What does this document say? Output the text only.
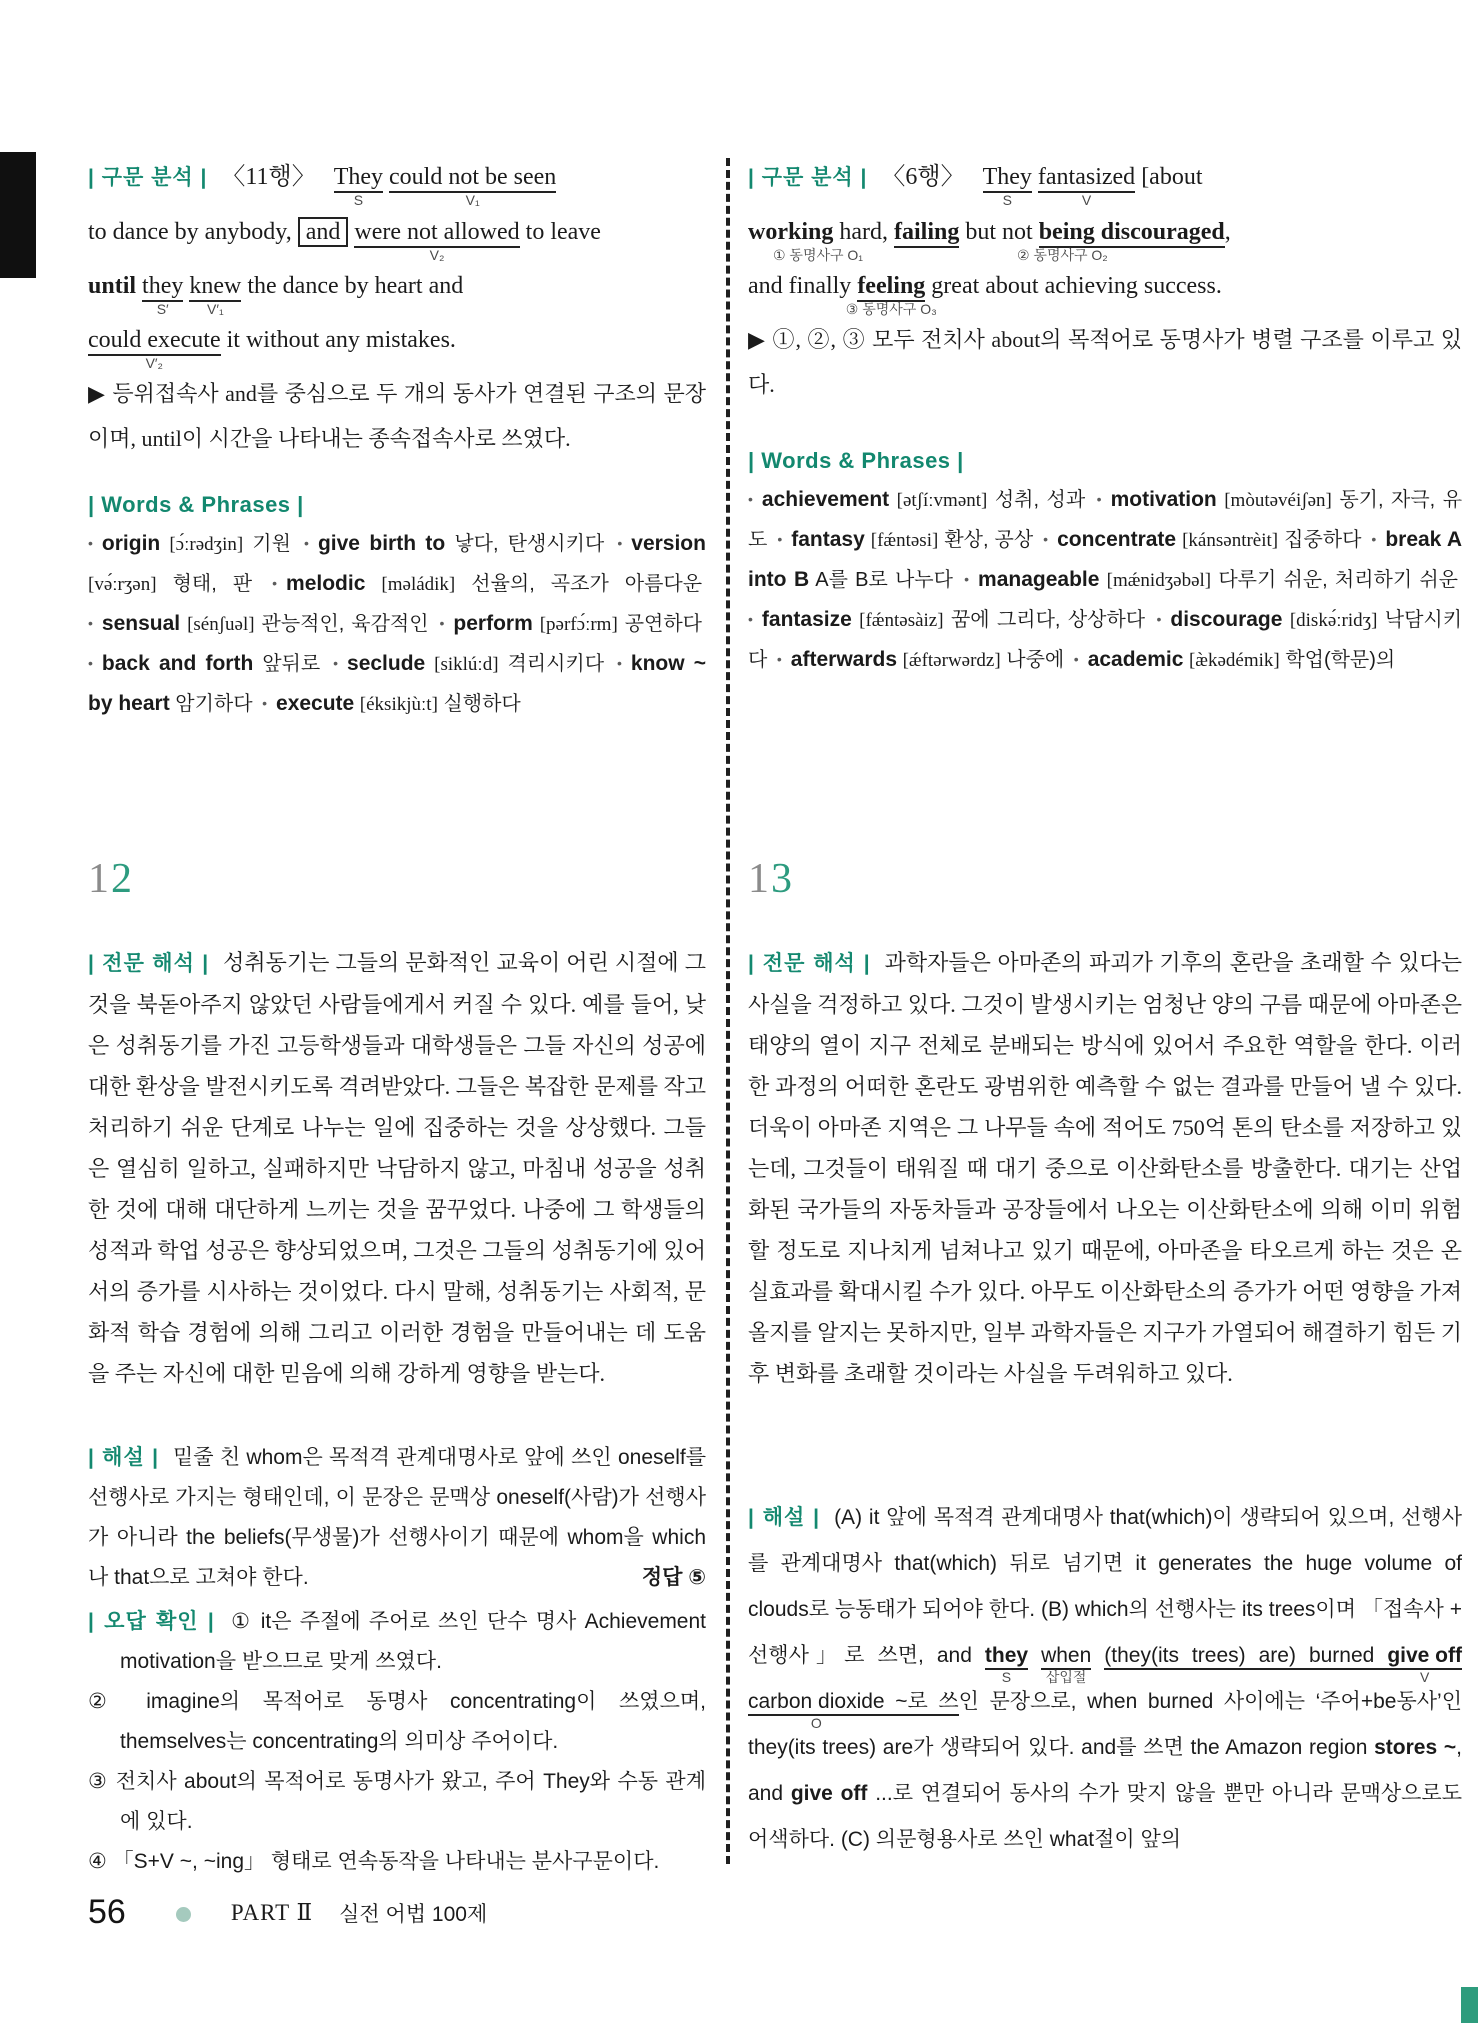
| 구문 분석 | 〈11행〉 They
S
could not be seen
V₁

to dance by anybody, and were not allowed
V₂
to leave
until they
S′
knew
V′₁
the dance by heart and
could execute
V′₂
it without any mistakes.

▶ 등위접속사 and를 중심으로 두 개의 동사가 연결된 구조의 문장이며, until이 시간을 나타내는 종속접속사로 쓰였다.

| Words & Phrases |

• origin [ɔ́ːrədʒin] 기원 • give birth to 낳다, 탄생시키다 • version [və́ːrʒən] 형태, 판 • melodic [məládik] 선율의, 곡조가 아름다운 • sensual [sénʃuəl] 관능적인, 육감적인 • perform [pərfɔ́ːrm] 공연하다 • back and forth 앞뒤로 • seclude [siklúːd] 격리시키다 • know ~ by heart 암기하다 • execute [éksikjùːt] 실행하다

12

| 전문 해석 | 성취동기는 그들의 문화적인 교육이 어린 시절에 그것을 북돋아주지 않았던 사람들에게서 커질 수 있다. 예를 들어, 낮은 성취동기를 가진 고등학생들과 대학생들은 그들 자신의 성공에 대한 환상을 발전시키도록 격려받았다. 그들은 복잡한 문제를 작고 처리하기 쉬운 단계로 나누는 일에 집중하는 것을 상상했다. 그들은 열심히 일하고, 실패하지만 낙담하지 않고, 마침내 성공을 성취한 것에 대해 대단하게 느끼는 것을 꿈꾸었다. 나중에 그 학생들의 성적과 학업 성공은 향상되었으며, 그것은 그들의 성취동기에 있어서의 증가를 시사하는 것이었다. 다시 말해, 성취동기는 사회적, 문화적 학습 경험에 의해 그리고 이러한 경험을 만들어내는 데 도움을 주는 자신에 대한 믿음에 의해 강하게 영향을 받는다.

| 해설 | 밑줄 친 whom은 목적격 관계대명사로 앞에 쓰인 oneself를 선행사로 가지는 형태인데, 이 문장은 문맥상 oneself(사람)가 선행사가 아니라 the beliefs(무생물)가 선행사이기 때문에 whom을 which나 that으로 고쳐야 한다.	정답 ⑤

| 오답 확인 | ① it은 주절에 주어로 쓰인 단수 명사 Achievement motivation을 받으므로 맞게 쓰였다.

② imagine의 목적어로 동명사 concentrating이 쓰였으며, themselves는 concentrating의 의미상 주어이다.

③ 전치사 about의 목적어로 동명사가 왔고, 주어 They와 수동 관계에 있다.

④ 「S+V ~, ~ing」 형태로 연속동작을 나타내는 분사구문이다.

| 구문 분석 | 〈6행〉 They
S
fantasized
V
[about
working hard,
① 동명사구 O₁
failing but not being discouraged,
② 동명사구 O₂

and finally feeling
③ 동명사구 O₃
great about achieving success.

▶ ①, ②, ③ 모두 전치사 about의 목적어로 동명사가 병렬 구조를 이루고 있다.

| Words & Phrases |

• achievement [ətʃíːvmənt] 성취, 성과 • motivation [mòutəvéiʃən] 동기, 자극, 유도 • fantasy [fǽntəsi] 환상, 공상 • concentrate [kánsəntrèit] 집중하다 • break A into B A를 B로 나누다 • manageable [mǽnidʒəbəl] 다루기 쉬운, 처리하기 쉬운 • fantasize [fǽntəsàiz] 꿈에 그리다, 상상하다 • discourage [diskə́ːridʒ] 낙담시키다 • afterwards [ǽftərwərdz] 나중에 • academic [æ̀kədémik] 학업(학문)의

13

| 전문 해석 | 과학자들은 아마존의 파괴가 기후의 혼란을 초래할 수 있다는 사실을 걱정하고 있다. 그것이 발생시키는 엄청난 양의 구름 때문에 아마존은 태양의 열이 지구 전체로 분배되는 방식에 있어서 주요한 역할을 한다. 이러한 과정의 어떠한 혼란도 광범위한 예측할 수 없는 결과를 만들어 낼 수 있다. 더욱이 아마존 지역은 그 나무들 속에 적어도 750억 톤의 탄소를 저장하고 있는데, 그것들이 태워질 때 대기 중으로 이산화탄소를 방출한다. 대기는 산업화된 국가들의 자동차들과 공장들에서 나오는 이산화탄소에 의해 이미 위험할 정도로 지나치게 넘쳐나고 있기 때문에, 아마존을 타오르게 하는 것은 온실효과를 확대시킬 수가 있다. 아무도 이산화탄소의 증가가 어떤 영향을 가져올지를 알지는 못하지만, 일부 과학자들은 지구가 가열되어 해결하기 힘든 기후 변화를 초래할 것이라는 사실을 두려워하고 있다.

| 해설 | (A) it 앞에 목적격 관계대명사 that(which)이 생략되어 있으며, 선행사를 관계대명사 that(which) 뒤로 넘기면 it generates the huge volume of clouds로 능동태가 되어야 한다. (B) which의 선행사는 its trees이며 「접속사 + 선행사」로 쓰면, and they
S
when
삽입절
(they(its trees) are) burned give off
V
carbon dioxide
O
~로 쓰인 문장으로, when burned 사이에는 ‘주어+be동사’인 they(its trees) are가 생략되어 있다. and를 쓰면 the Amazon region stores ~, and give off ...로 연결되어 동사의 수가 맞지 않을 뿐만 아니라 문맥상으로도 어색하다. (C) 의문형용사로 쓰인 what절이 앞의

56	PART Ⅱ 실전 어법 100제
